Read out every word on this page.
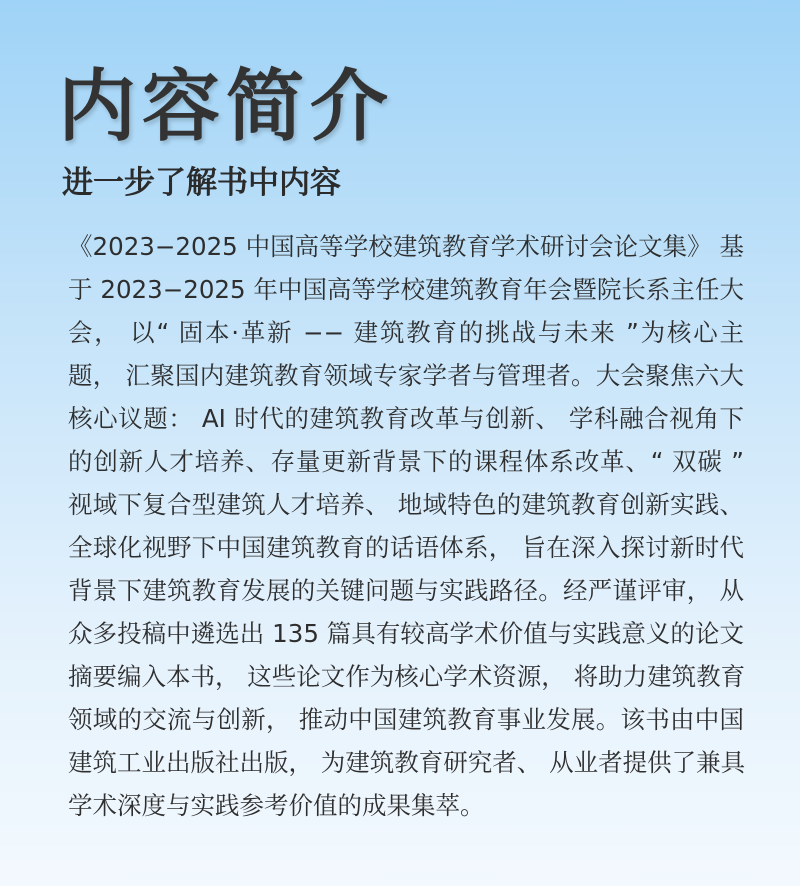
内容简介
进一步了解书中内容
《2023−2025 中国高等学校建筑教育学术研讨会论文集》 基
于 2023−2025 年中国高等学校建筑教育年会暨院长系主任大
会， 以“ 固本·革新 −− 建筑教育的挑战与未来 ”为核心主
题， 汇聚国内建筑教育领域专家学者与管理者。大会聚焦六大
核心议题： AI 时代的建筑教育改革与创新、 学科融合视角下
的创新人才培养、存量更新背景下的课程体系改革、“ 双碳 ”
视域下复合型建筑人才培养、 地域特色的建筑教育创新实践、
全球化视野下中国建筑教育的话语体系， 旨在深入探讨新时代
背景下建筑教育发展的关键问题与实践路径。经严谨评审， 从
众多投稿中遴选出 135 篇具有较高学术价值与实践意义的论文
摘要编入本书， 这些论文作为核心学术资源， 将助力建筑教育
领域的交流与创新， 推动中国建筑教育事业发展。该书由中国
建筑工业出版社出版， 为建筑教育研究者、 从业者提供了兼具
学术深度与实践参考价值的成果集萃。
